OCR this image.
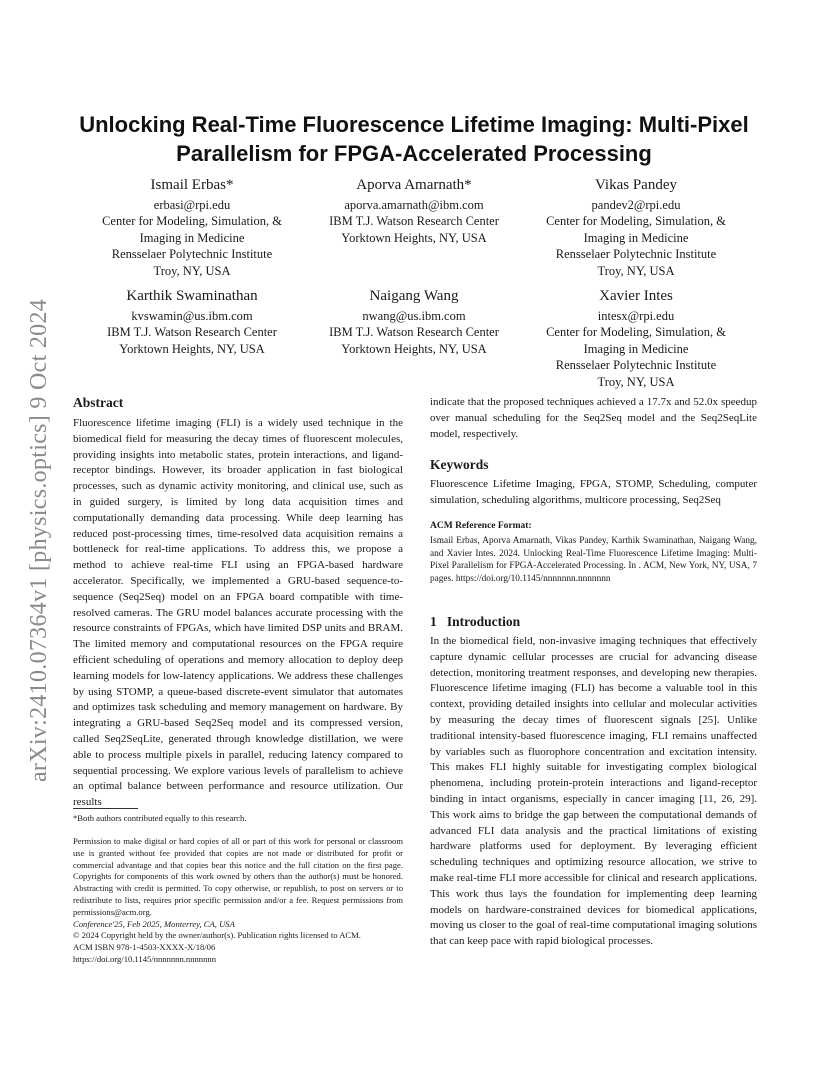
arXiv:2410.07364v1 [physics.optics] 9 Oct 2024
Unlocking Real-Time Fluorescence Lifetime Imaging: Multi-Pixel Parallelism for FPGA-Accelerated Processing
Ismail Erbas*
erbasi@rpi.edu
Center for Modeling, Simulation, &
Imaging in Medicine
Rensselaer Polytechnic Institute
Troy, NY, USA
Aporva Amarnath*
aporva.amarnath@ibm.com
IBM T.J. Watson Research Center
Yorktown Heights, NY, USA
Vikas Pandey
pandev2@rpi.edu
Center for Modeling, Simulation, &
Imaging in Medicine
Rensselaer Polytechnic Institute
Troy, NY, USA
Karthik Swaminathan
kvswamin@us.ibm.com
IBM T.J. Watson Research Center
Yorktown Heights, NY, USA
Naigang Wang
nwang@us.ibm.com
IBM T.J. Watson Research Center
Yorktown Heights, NY, USA
Xavier Intes
intesx@rpi.edu
Center for Modeling, Simulation, &
Imaging in Medicine
Rensselaer Polytechnic Institute
Troy, NY, USA
Abstract

Fluorescence lifetime imaging (FLI) is a widely used technique in the biomedical field for measuring the decay times of fluorescent molecules, providing insights into metabolic states, protein interactions, and ligand-receptor bindings. However, its broader application in fast biological processes, such as dynamic activity monitoring, and clinical use, such as in guided surgery, is limited by long data acquisition times and computationally demanding data processing. While deep learning has reduced post-processing times, time-resolved data acquisition remains a bottleneck for real-time applications. To address this, we propose a method to achieve real-time FLI using an FPGA-based hardware accelerator. Specifically, we implemented a GRU-based sequence-to-sequence (Seq2Seq) model on an FPGA board compatible with time-resolved cameras. The GRU model balances accurate processing with the resource constraints of FPGAs, which have limited DSP units and BRAM. The limited memory and computational resources on the FPGA require efficient scheduling of operations and memory allocation to deploy deep learning models for low-latency applications. We address these challenges by using STOMP, a queue-based discrete-event simulator that automates and optimizes task scheduling and memory management on hardware. By integrating a GRU-based Seq2Seq model and its compressed version, called Seq2SeqLite, generated through knowledge distillation, we were able to process multiple pixels in parallel, reducing latency compared to sequential processing. We explore various levels of parallelism to achieve an optimal balance between performance and resource utilization. Our results

*Both authors contributed equally to this research.

Permission to make digital or hard copies of all or part of this work for personal or classroom use is granted without fee provided that copies are not made or distributed for profit or commercial advantage and that copies bear this notice and the full citation on the first page. Copyrights for components of this work owned by others than the author(s) must be honored. Abstracting with credit is permitted. To copy otherwise, or republish, to post on servers or to redistribute to lists, requires prior specific permission and/or a fee. Request permissions from permissions@acm.org.

Conference'25, Feb 2025, Monterrey, CA, USA

© 2024 Copyright held by the owner/author(s). Publication rights licensed to ACM.

ACM ISBN 978-1-4503-XXXX-X/18/06

https://doi.org/10.1145/nnnnnnn.nnnnnnn

indicate that the proposed techniques achieved a 17.7x and 52.0x speedup over manual scheduling for the Seq2Seq model and the Seq2SeqLite model, respectively.

Keywords

Fluorescence Lifetime Imaging, FPGA, STOMP, Scheduling, computer simulation, scheduling algorithms, multicore processing, Seq2Seq

ACM Reference Format:
Ismail Erbas, Aporva Amarnath, Vikas Pandey, Karthik Swaminathan, Naigang Wang, and Xavier Intes. 2024. Unlocking Real-Time Fluorescence Lifetime Imaging: Multi-Pixel Parallelism for FPGA-Accelerated Processing. In . ACM, New York, NY, USA, 7 pages. https://doi.org/10.1145/nnnnnnn.nnnnnnn
1 Introduction

In the biomedical field, non-invasive imaging techniques that effectively capture dynamic cellular processes are crucial for advancing disease detection, monitoring treatment responses, and developing new therapies. Fluorescence lifetime imaging (FLI) has become a valuable tool in this context, providing detailed insights into cellular and molecular activities by measuring the decay times of fluorescent signals [25]. Unlike traditional intensity-based fluorescence imaging, FLI remains unaffected by variables such as fluorophore concentration and excitation intensity. This makes FLI highly suitable for investigating complex biological phenomena, including protein-protein interactions and ligand-receptor binding in intact organisms, especially in cancer imaging [11, 26, 29]. This work aims to bridge the gap between the computational demands of advanced FLI data analysis and the practical limitations of existing hardware platforms used for deployment. By leveraging efficient scheduling techniques and optimizing resource allocation, we strive to make real-time FLI more accessible for clinical and research applications. This work thus lays the foundation for implementing deep learning models on hardware-constrained devices for biomedical applications, moving us closer to the goal of real-time computational imaging solutions that can keep pace with rapid biological processes.
